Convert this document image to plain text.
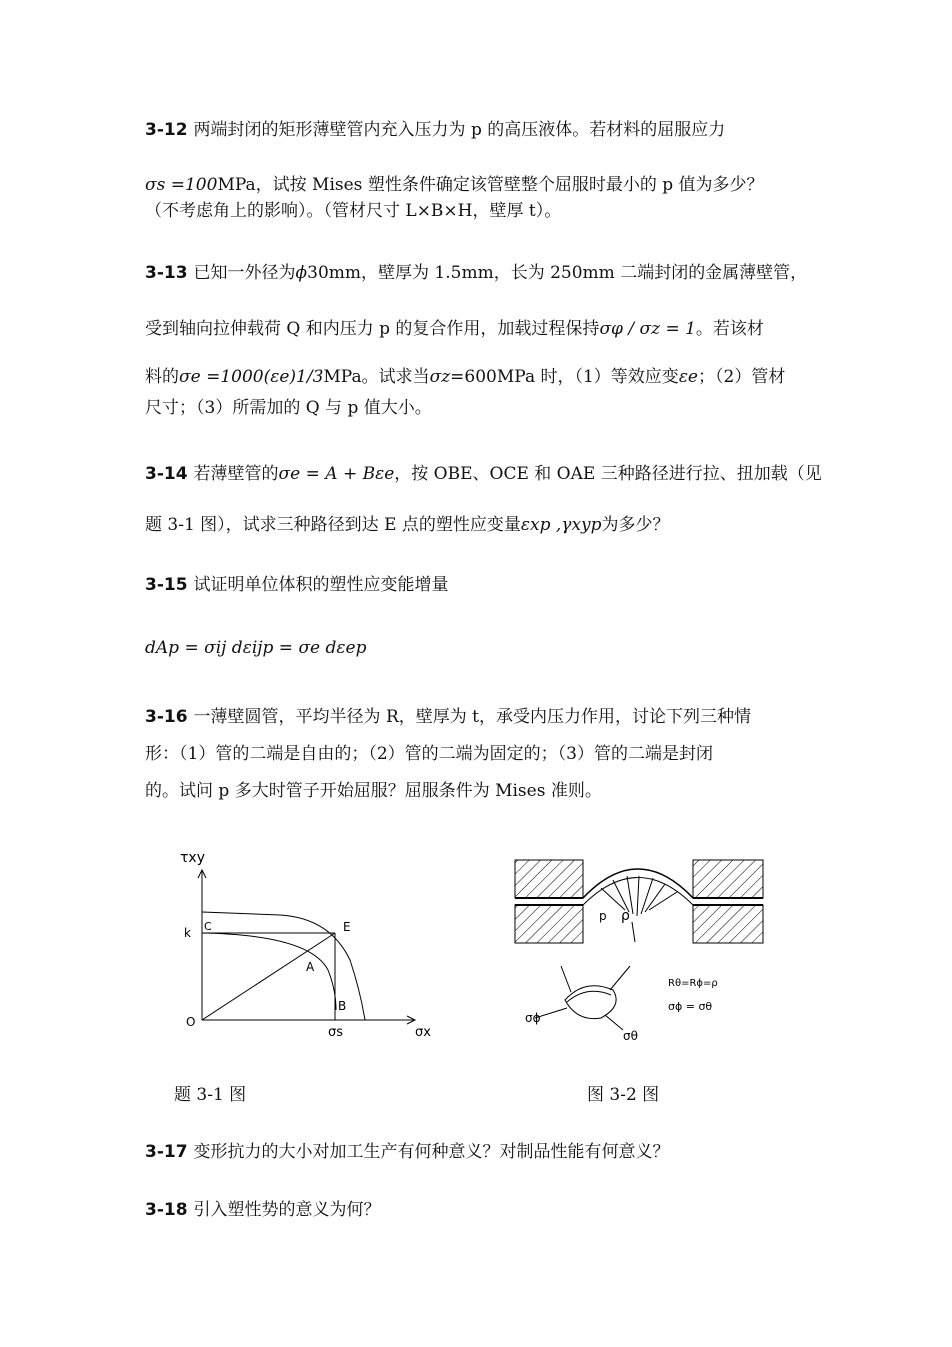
3-12 两端封闭的矩形薄壁管内充入压力为 p 的高压液体。若材料的屈服应力
σs =100MPa，试按 Mises 塑性条件确定该管壁整个屈服时最小的 p 值为多少？
（不考虑角上的影响）。（管材尺寸 L×B×H，壁厚 t）。
3-13 已知一外径为ϕ30mm，壁厚为 1.5mm，长为 250mm 二端封闭的金属薄壁管，
受到轴向拉伸载荷 Q 和内压力 p 的复合作用，加载过程保持σφ / σz = 1。若该材
料的σe =1000(εe)1/3MPa。试求当σz=600MPa 时，（1）等效应变εe；（2）管材
尺寸；（3）所需加的 Q 与 p 值大小。
3-14 若薄壁管的σe = A + Bεe，按 OBE、OCE 和 OAE 三种路径进行拉、扭加载（见
题 3-1 图），试求三种路径到达 E 点的塑性应变量εxp ,γxyp为多少？
3-15 试证明单位体积的塑性应变能增量
dAp = σij dεijp = σe dεep
3-16 一薄壁圆管，平均半径为 R，壁厚为 t，承受内压力作用，讨论下列三种情
形：（1）管的二端是自由的；（2）管的二端为固定的；（3）管的二端是封闭
的。试问 p 多大时管子开始屈服？屈服条件为 Mises 准则。
τxy
k C	E
A
B
O
σs	σx
题 3-1 图
p ρ
Rθ=Rϕ=ρ
σϕ = σθ
σϕ
σθ
图 3-2 图
3-17 变形抗力的大小对加工生产有何种意义？对制品性能有何意义？
3-18 引入塑性势的意义为何？
